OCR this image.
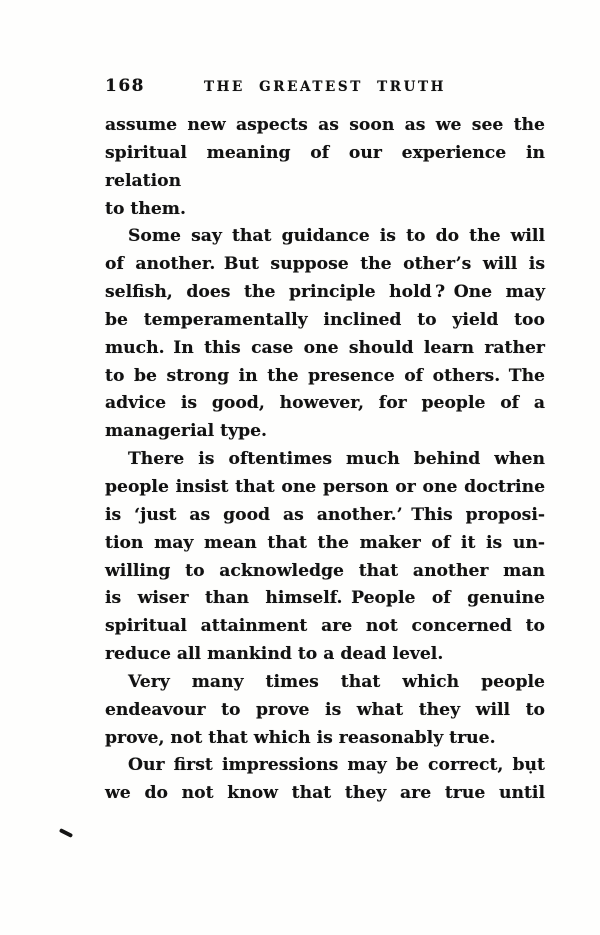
168	THE GREATEST TRUTH
assume new aspects as soon as we see the
spiritual meaning of our experience in relation
to them.
Some say that guidance is to do the will
of another. But suppose the other’s will is
selfish, does the principle hold ? One may
be temperamentally inclined to yield too
much. In this case one should learn rather
to be strong in the presence of others. The
advice is good, however, for people of a
managerial type.
There is oftentimes much behind when
people insist that one person or one doctrine
is ‘just as good as another.’ This proposi-
tion may mean that the maker of it is un-
willing to acknowledge that another man
is wiser than himself. People of genuine
spiritual attainment are not concerned to
reduce all mankind to a dead level.
Very many times that which people
endeavour to prove is what they will to
prove, not that which is reasonably true.
Our first impressions may be correct, bụt
we do not know that they are true until
